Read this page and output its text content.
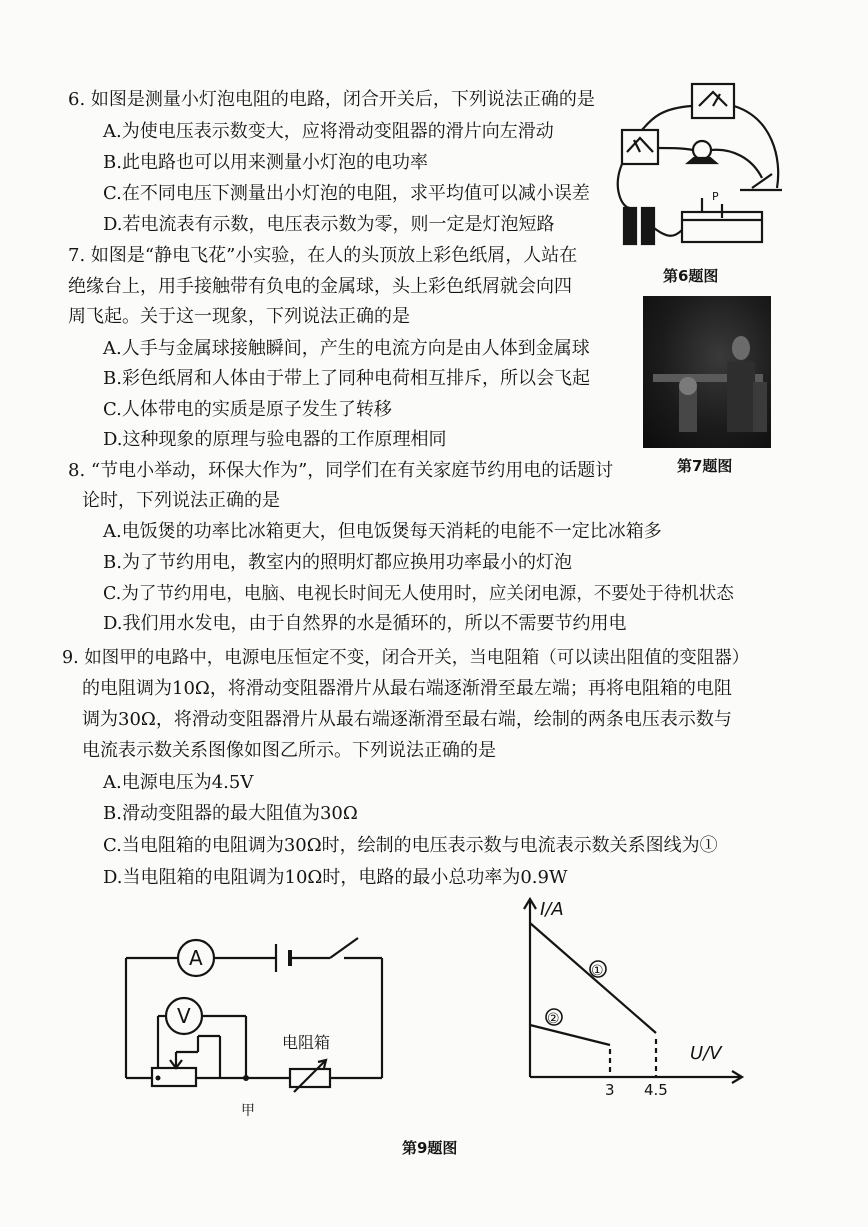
6. 如图是测量小灯泡电阻的电路，闭合开关后，下列说法正确的是
A.为使电压表示数变大，应将滑动变阻器的滑片向左滑动
B.此电路也可以用来测量小灯泡的电功率
C.在不同电压下测量出小灯泡的电阻，求平均值可以减小误差
D.若电流表有示数，电压表示数为零，则一定是灯泡短路
P
第6题图
7. 如图是“静电飞花”小实验，在人的头顶放上彩色纸屑，人站在
绝缘台上，用手接触带有负电的金属球，头上彩色纸屑就会向四
周飞起。关于这一现象，下列说法正确的是
A.人手与金属球接触瞬间，产生的电流方向是由人体到金属球
B.彩色纸屑和人体由于带上了同种电荷相互排斥，所以会飞起
C.人体带电的实质是原子发生了转移
D.这种现象的原理与验电器的工作原理相同
第7题图
8. “节电小举动，环保大作为”，同学们在有关家庭节约用电的话题讨
论时，下列说法正确的是
A.电饭煲的功率比冰箱更大，但电饭煲每天消耗的电能不一定比冰箱多
B.为了节约用电，教室内的照明灯都应换用功率最小的灯泡
C.为了节约用电，电脑、电视长时间无人使用时，应关闭电源，不要处于待机状态
D.我们用水发电，由于自然界的水是循环的，所以不需要节约用电
9. 如图甲的电路中，电源电压恒定不变，闭合开关，当电阻箱（可以读出阻值的变阻器）
的电阻调为10Ω，将滑动变阻器滑片从最右端逐渐滑至最左端；再将电阻箱的电阻
调为30Ω，将滑动变阻器滑片从最右端逐渐滑至最右端，绘制的两条电压表示数与
电流表示数关系图像如图乙所示。下列说法正确的是
A.电源电压为4.5V
B.滑动变阻器的最大阻值为30Ω
C.当电阻箱的电阻调为30Ω时，绘制的电压表示数与电流表示数关系图线为①
D.当电阻箱的电阻调为10Ω时，电路的最小总功率为0.9W
A
V
电阻箱
甲
I/A
U/V
①
②
3 4.5
第9题图
